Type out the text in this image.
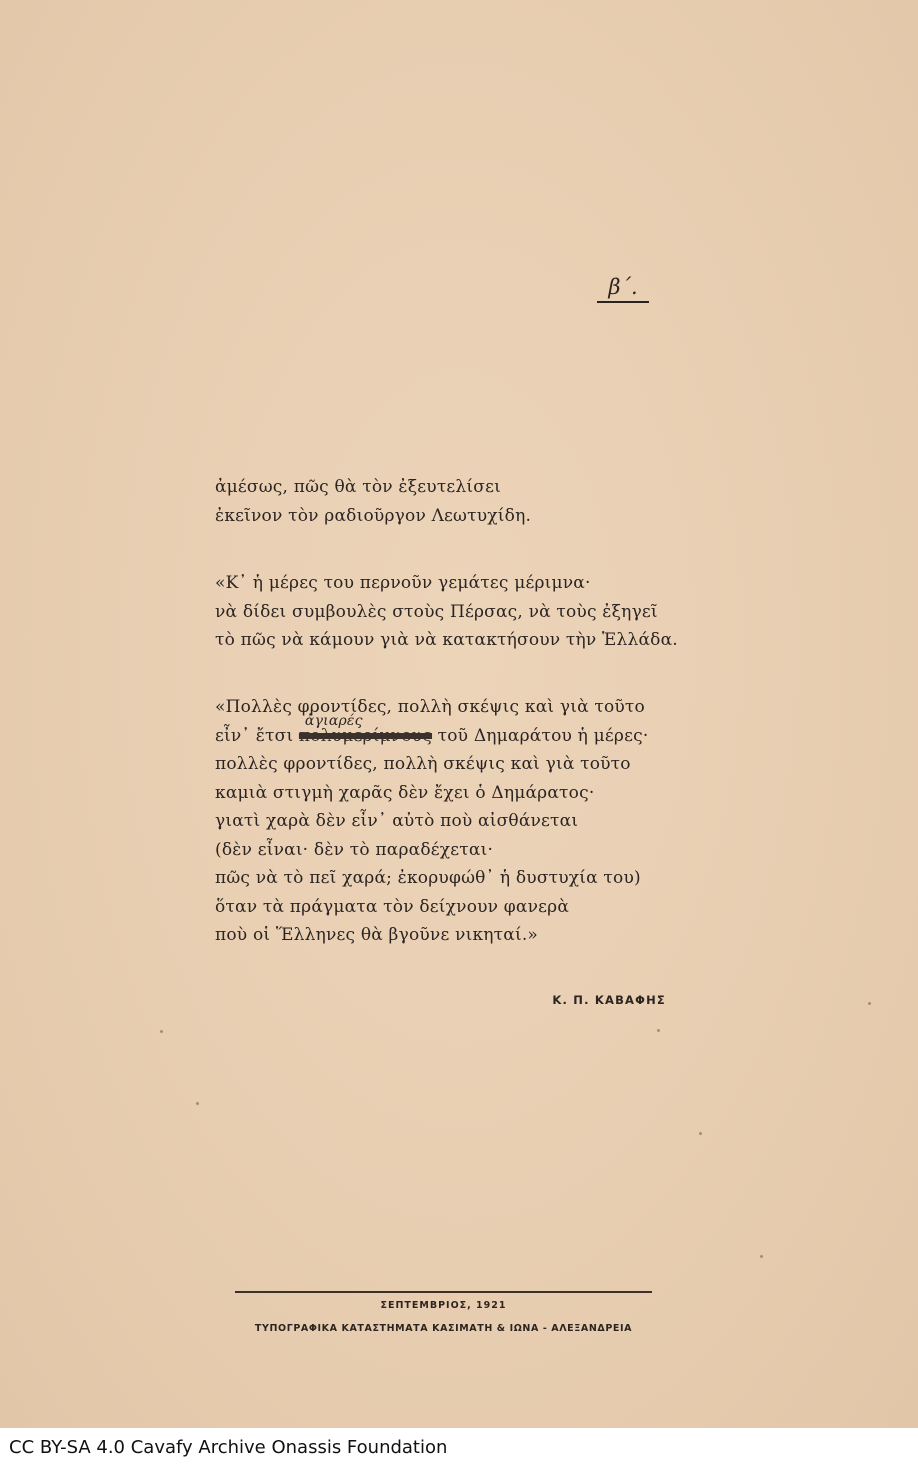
β΄.
ἀμέσως, πῶς θὰ τὸν ἐξευτελίσει
ἐκεῖνον τὸν ραδιοῦργον Λεωτυχίδη.
«Κ᾽ ἡ μέρες του περνοῦν γεμάτες μέριμνα·
νὰ δίδει συμβουλὲς στοὺς Πέρσας, νὰ τοὺς ἐξηγεῖ
τὸ πῶς νὰ κάμουν γιὰ νὰ κατακτήσουν τὴν Ἑλλάδα.
«Πολλὲς φροντίδες, πολλὴ σκέψις καὶ γιὰ τοῦτο
εἶν᾽ ἔτσι πολυμερίμνους
ἀγιαρές
τοῦ Δημαράτου ἡ μέρες·
πολλὲς φροντίδες, πολλὴ σκέψις καὶ γιὰ τοῦτο
καμιὰ στιγμὴ χαρᾶς δὲν ἔχει ὁ Δημάρατος·
γιατὶ χαρὰ δὲν εἶν᾽ αὐτὸ ποὺ αἰσθάνεται
(δὲν εἶναι· δὲν τὸ παραδέχεται·
πῶς νὰ τὸ πεῖ χαρά; ἐκορυφώθ᾽ ἡ δυστυχία του)
ὅταν τὰ πράγματα τὸν δείχνουν φανερὰ
ποὺ οἱ Ἕλληνες θὰ βγοῦνε νικηταί.»
Κ. Π. ΚΑΒΑΦΗΣ
ΣΕΠΤΕΜΒΡΙΟΣ, 1921
ΤΥΠΟΓΡΑΦΙΚΑ ΚΑΤΑΣΤΗΜΑΤΑ ΚΑΣΙΜΑΤΗ & ΙΩΝΑ - ΑΛΕΞΑΝΔΡΕΙΑ
CC BY-SA 4.0 Cavafy Archive Onassis Foundation
